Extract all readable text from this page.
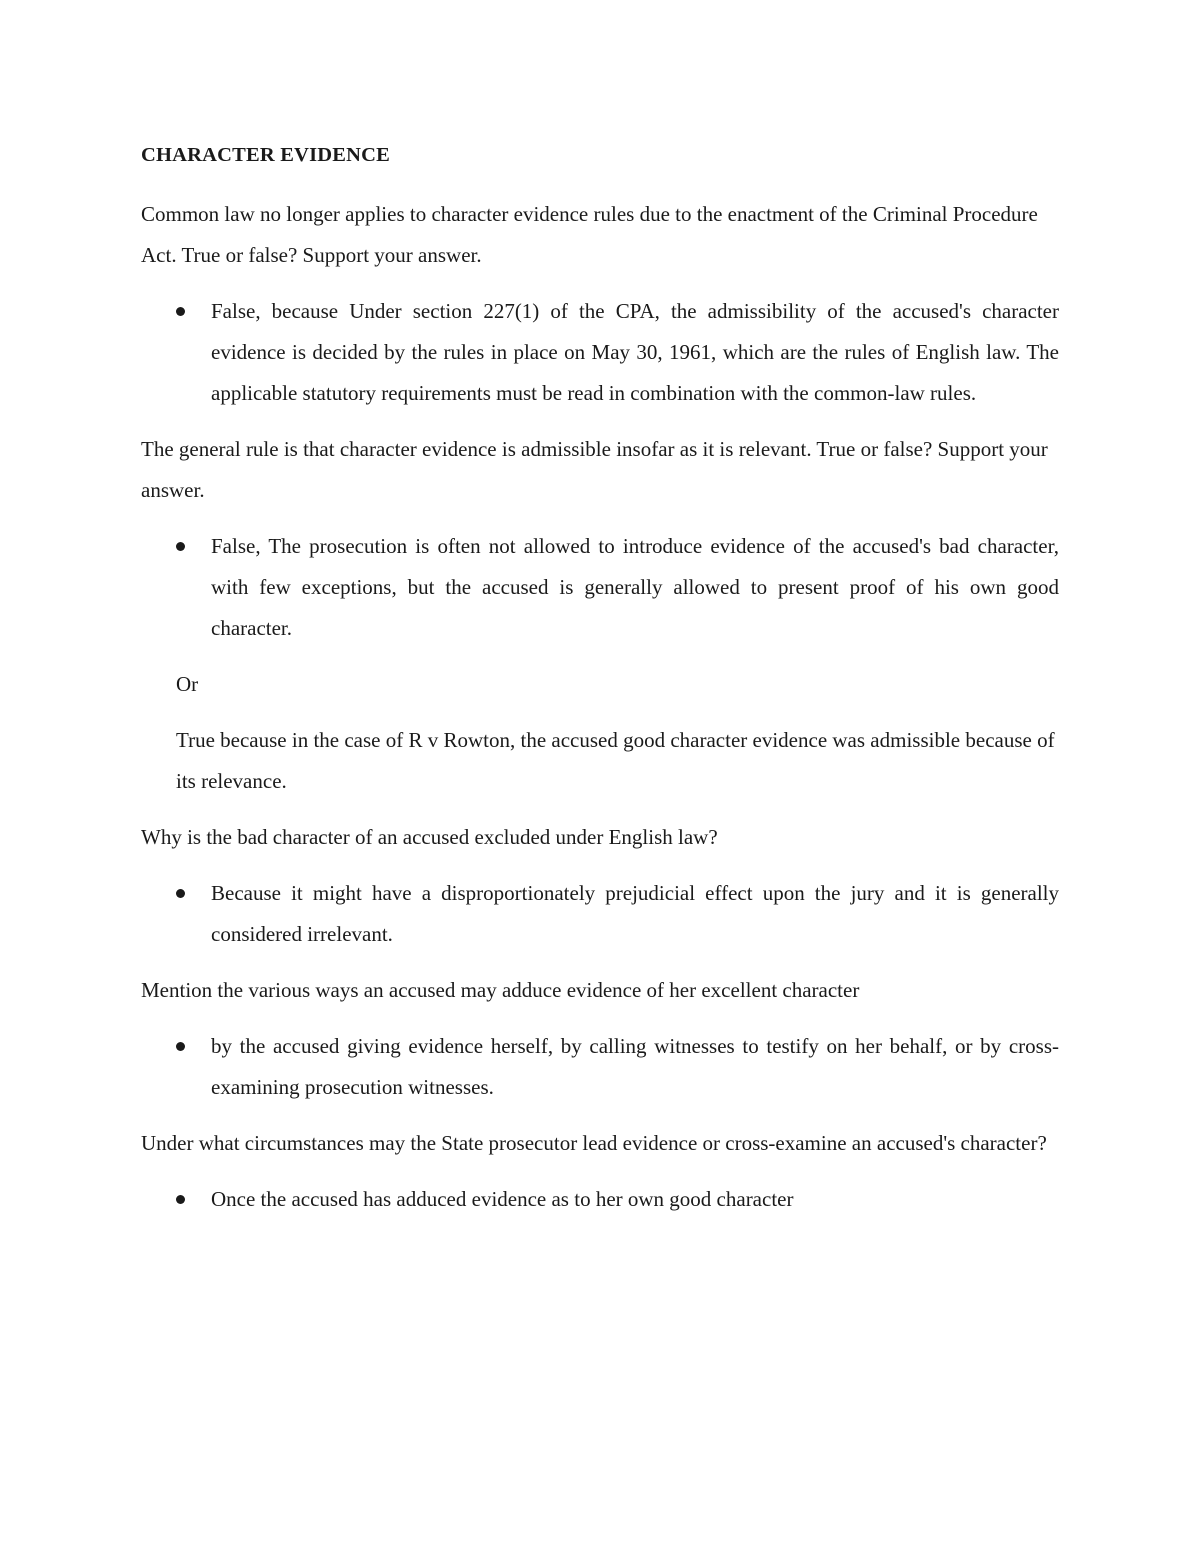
CHARACTER EVIDENCE
Common law no longer applies to character evidence rules due to the enactment of the Criminal Procedure Act. True or false? Support your answer.
False, because Under section 227(1) of the CPA, the admissibility of the accused's character evidence is decided by the rules in place on May 30, 1961, which are the rules of English law. The applicable statutory requirements must be read in combination with the common-law rules.
The general rule is that character evidence is admissible insofar as it is relevant. True or false? Support your answer.
False, The prosecution is often not allowed to introduce evidence of the accused's bad character, with few exceptions, but the accused is generally allowed to present proof of his own good character.
Or
True because in the case of R v Rowton, the accused good character evidence was admissible because of its relevance.
Why is the bad character of an accused excluded under English law?
Because it might have a disproportionately prejudicial effect upon the jury and it is generally considered irrelevant.
Mention the various ways an accused may adduce evidence of her excellent character
by the accused giving evidence herself, by calling witnesses to testify on her behalf, or by cross-examining prosecution witnesses.
Under what circumstances may the State prosecutor lead evidence or cross-examine an accused's character?
Once the accused has adduced evidence as to her own good character
